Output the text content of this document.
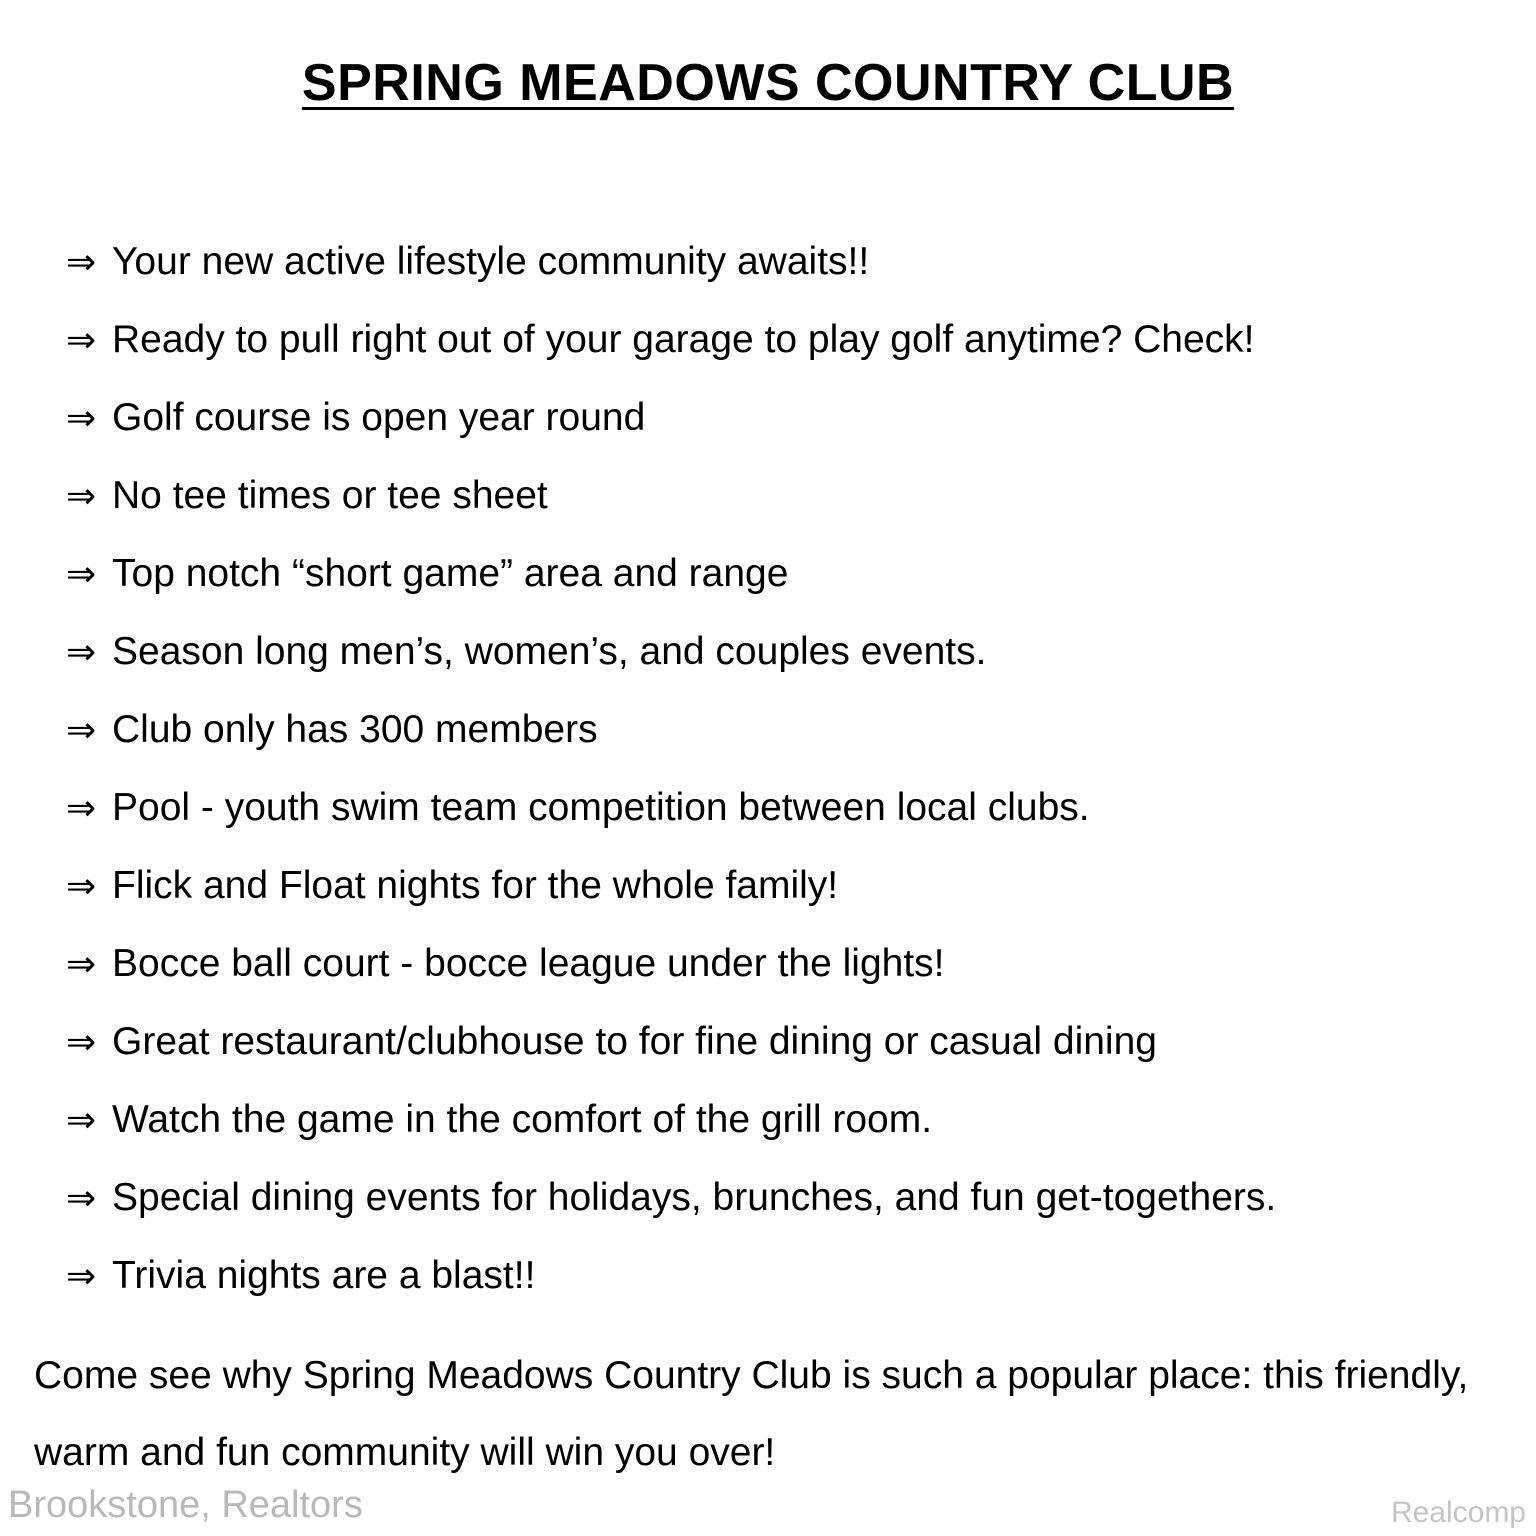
SPRING MEADOWS COUNTRY CLUB
⇒ Your new active lifestyle community awaits!!
⇒ Ready to pull right out of your garage to play golf anytime? Check!
⇒ Golf course is open year round
⇒ No tee times or tee sheet
⇒ Top notch “short game” area and range
⇒ Season long men’s, women’s, and couples events.
⇒ Club only has 300 members
⇒ Pool - youth swim team competition between local clubs.
⇒ Flick and Float nights for the whole family!
⇒ Bocce ball court - bocce league under the lights!
⇒ Great restaurant/clubhouse to for fine dining or casual dining
⇒ Watch the game in the comfort of the grill room.
⇒ Special dining events for holidays, brunches, and fun get-togethers.
⇒ Trivia nights are a blast!!

Come see why Spring Meadows Country Club is such a popular place: this friendly, warm and fun community will win you over!

Brookstone, Realtors	Realcomp
